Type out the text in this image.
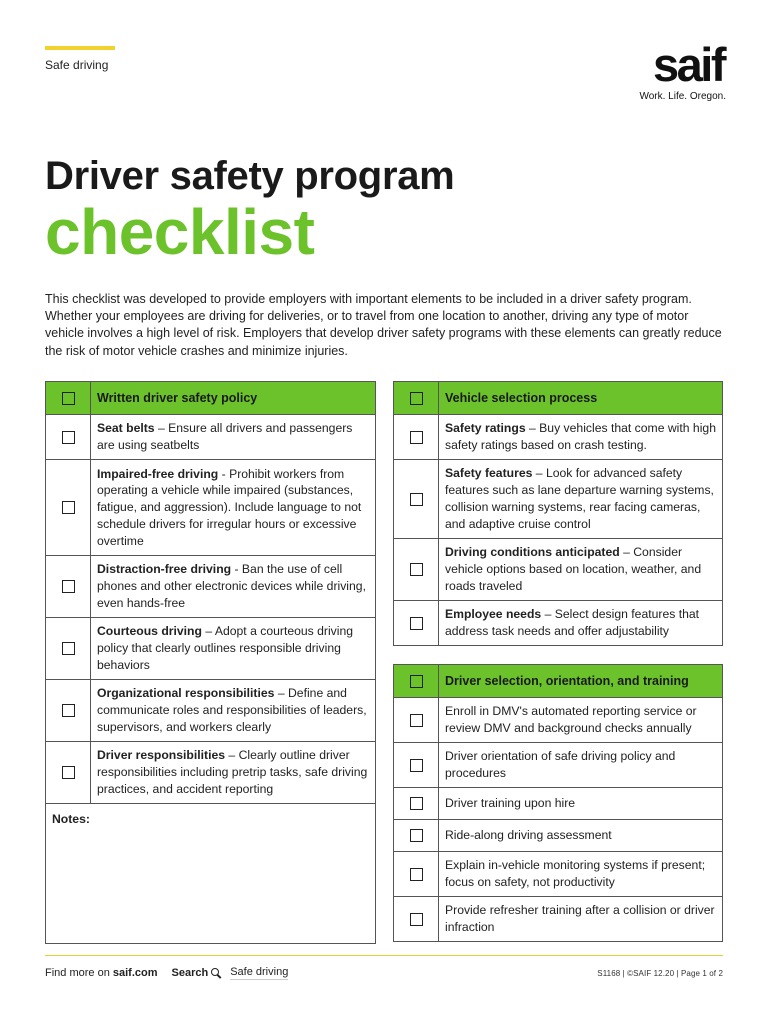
Safe driving	saif
Work. Life. Oregon.
Driver safety program
checklist

This checklist was developed to provide employers with important elements to be included in a driver safety program. Whether your employees are driving for deliveries, or to travel from one location to another, driving any type of motor vehicle involves a high level of risk. Employers that develop driver safety programs with these elements can greatly reduce the risk of motor vehicle crashes and minimize injuries.

	Written driver safety policy
	Seat belts – Ensure all drivers and passengers are using seatbelts
	Impaired-free driving - Prohibit workers from operating a vehicle while impaired (substances, fatigue, and aggression). Include language to not schedule drivers for irregular hours or excessive overtime
	Distraction-free driving - Ban the use of cell phones and other electronic devices while driving, even hands-free
	Courteous driving – Adopt a courteous driving policy that clearly outlines responsible driving behaviors
	Organizational responsibilities – Define and communicate roles and responsibilities of leaders, supervisors, and workers clearly
	Driver responsibilities – Clearly outline driver responsibilities including pretrip tasks, safe driving practices, and accident reporting
Notes:	
	Vehicle selection process
	Safety ratings – Buy vehicles that come with high safety ratings based on crash testing.
	Safety features – Look for advanced safety features such as lane departure warning systems, collision warning systems, rear facing cameras, and adaptive cruise control
	Driving conditions anticipated – Consider vehicle options based on location, weather, and roads traveled
	Employee needs – Select design features that address task needs and offer adjustability
	Driver selection, orientation, and training
	Enroll in DMV's automated reporting service or review DMV and background checks annually
	Driver orientation of safe driving policy and procedures
	Driver training upon hire
	Ride-along driving assessment
	Explain in-vehicle monitoring systems if present; focus on safety, not productivity
	Provide refresher training after a collision or driver infraction
Find more on saif.com Search Safe driving	S1168 | ©SAIF 12.20 | Page 1 of 2
